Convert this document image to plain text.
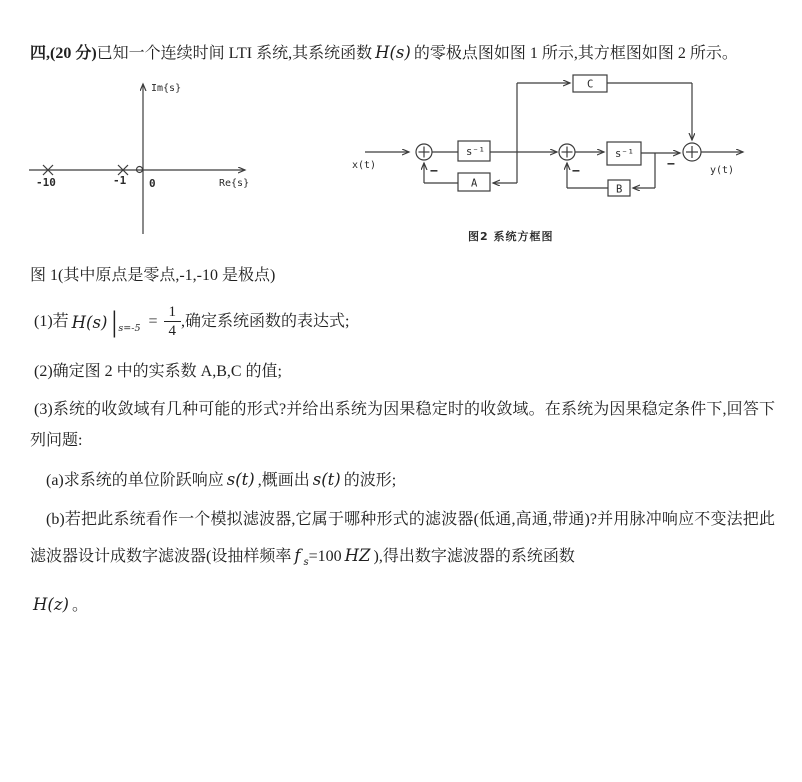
四,(20 分)已知一个连续时间 LTI 系统,其系统函数 H(s) 的零极点图如图 1 所示,其方框图如图 2 所示。

Im{s}
Re{s}
-10	-1 0
s⁻¹	s⁻¹
C
A	B
x(t)	y(t)
−	−	−
图2 系统方框图

图 1(其中原点是零点,-1,-10 是极点)

(1)若 H(s) | $s=-5 = \frac{1}{4}$ ,确定系统函数的表达式;

(2)确定图 2 中的实系数 A,B,C 的值;

(3)系统的收敛域有几种可能的形式?并给出系统为因果稳定时的收敛域。在系统为因果稳定条件下,回答下列问题:

(a)求系统的单位阶跃响应 s(t) ,概画出 s(t) 的波形;

(b)若把此系统看作一个模拟滤波器,它属于哪种形式的滤波器(低通,高通,带通)?并用脉冲响应不变法把此滤波器设计成数字滤波器(设抽样频率 f $_s$=100 HZ ),得出数字滤波器的系统函数

H(z) 。
